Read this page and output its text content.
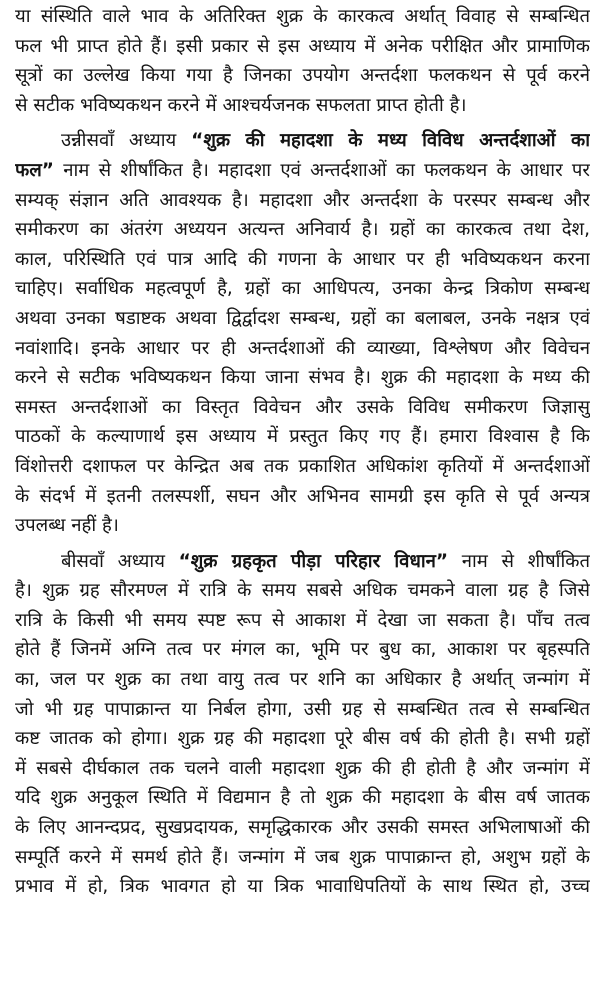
या संस्थिति वाले भाव के अतिरिक्त शुक्र के कारकत्व अर्थात् विवाह से सम्बन्धित
फल भी प्राप्त होते हैं। इसी प्रकार से इस अध्याय में अनेक परीक्षित और प्रामाणिक
सूत्रों का उल्लेख किया गया है जिनका उपयोग अन्तर्दशा फलकथन से पूर्व करने
से सटीक भविष्यकथन करने में आश्चर्यजनक सफलता प्राप्त होती है।
उन्नीसवाँ अध्याय “शुक्र की महादशा के मध्य विविध अन्तर्दशाओं का
फल” नाम से शीर्षांकित है। महादशा एवं अन्तर्दशाओं का फलकथन के आधार पर
सम्यक् संज्ञान अति आवश्यक है। महादशा और अन्तर्दशा के परस्पर सम्बन्ध और
समीकरण का अंतरंग अध्ययन अत्यन्त अनिवार्य है। ग्रहों का कारकत्व तथा देश,
काल, परिस्थिति एवं पात्र आदि की गणना के आधार पर ही भविष्यकथन करना
चाहिए। सर्वाधिक महत्वपूर्ण है, ग्रहों का आधिपत्य, उनका केन्द्र त्रिकोण सम्बन्ध
अथवा उनका षडाष्टक अथवा द्विर्द्वादश सम्बन्ध, ग्रहों का बलाबल, उनके नक्षत्र एवं
नवांशादि। इनके आधार पर ही अन्तर्दशाओं की व्याख्या, विश्लेषण और विवेचन
करने से सटीक भविष्यकथन किया जाना संभव है। शुक्र की महादशा के मध्य की
समस्त अन्तर्दशाओं का विस्तृत विवेचन और उसके विविध समीकरण जिज्ञासु
पाठकों के कल्याणार्थ इस अध्याय में प्रस्तुत किए गए हैं। हमारा विश्वास है कि
विंशोत्तरी दशाफल पर केन्द्रित अब तक प्रकाशित अधिकांश कृतियों में अन्तर्दशाओं
के संदर्भ में इतनी तलस्पर्शी, सघन और अभिनव सामग्री इस कृति से पूर्व अन्यत्र
उपलब्ध नहीं है।
बीसवाँ अध्याय “शुक्र ग्रहकृत पीड़ा परिहार विधान” नाम से शीर्षांकित
है। शुक्र ग्रह सौरमण्ल में रात्रि के समय सबसे अधिक चमकने वाला ग्रह है जिसे
रात्रि के किसी भी समय स्पष्ट रूप से आकाश में देखा जा सकता है। पाँच तत्व
होते हैं जिनमें अग्नि तत्व पर मंगल का, भूमि पर बुध का, आकाश पर बृहस्पति
का, जल पर शुक्र का तथा वायु तत्व पर शनि का अधिकार है अर्थात् जन्मांग में
जो भी ग्रह पापाक्रान्त या निर्बल होगा, उसी ग्रह से सम्बन्धित तत्व से सम्बन्धित
कष्ट जातक को होगा। शुक्र ग्रह की महादशा पूरे बीस वर्ष की होती है। सभी ग्रहों
में सबसे दीर्घकाल तक चलने वाली महादशा शुक्र की ही होती है और जन्मांग में
यदि शुक्र अनुकूल स्थिति में विद्यमान है तो शुक्र की महादशा के बीस वर्ष जातक
के लिए आनन्दप्रद, सुखप्रदायक, समृद्धिकारक और उसकी समस्त अभिलाषाओं की
सम्पूर्ति करने में समर्थ होते हैं। जन्मांग में जब शुक्र पापाक्रान्त हो, अशुभ ग्रहों के
प्रभाव में हो, त्रिक भावगत हो या त्रिक भावाधिपतियों के साथ स्थित हो, उच्च
